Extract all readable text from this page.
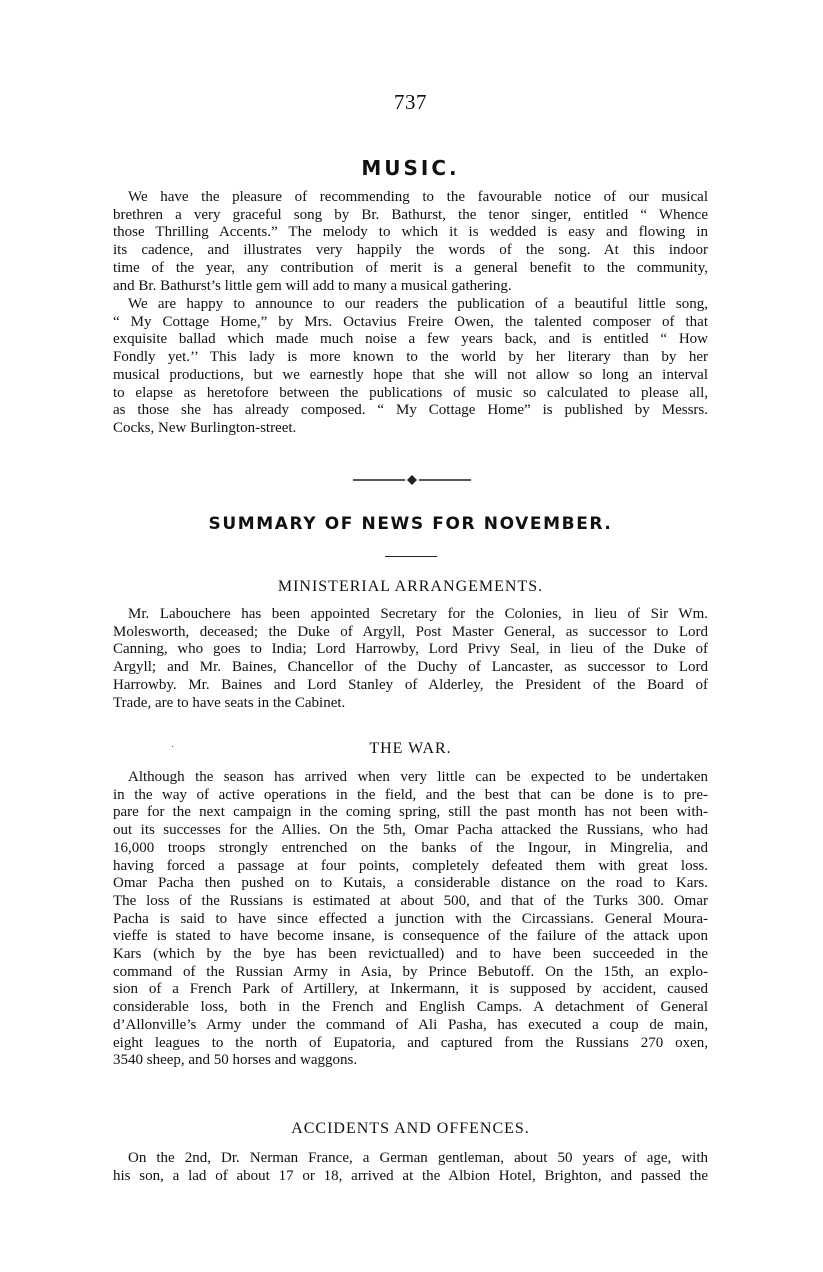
737
MUSIC.

We have the pleasure of recommending to the favourable notice of our musical
brethren a very graceful song by Br. Bathurst, the tenor singer, entitled “ Whence
those Thrilling Accents.” The melody to which it is wedded is easy and flowing in
its cadence, and illustrates very happily the words of the song. At this indoor
time of the year, any contribution of merit is a general benefit to the community,
and Br. Bathurst’s little gem will add to many a musical gathering.

We are happy to announce to our readers the publication of a beautiful little song,
“ My Cottage Home,” by Mrs. Octavius Freire Owen, the talented composer of that
exquisite ballad which made much noise a few years back, and is entitled “ How
Fondly yet.’’ This lady is more known to the world by her literary than by her
musical productions, but we earnestly hope that she will not allow so long an interval
to elapse as heretofore between the publications of music so calculated to please all,
as those she has already composed. “ My Cottage Home” is published by Messrs.
Cocks, New Burlington-street.

SUMMARY OF NEWS FOR NOVEMBER.
MINISTERIAL ARRANGEMENTS.

Mr. Labouchere has been appointed Secretary for the Colonies, in lieu of Sir Wm.
Molesworth, deceased; the Duke of Argyll, Post Master General, as successor to Lord
Canning, who goes to India; Lord Harrowby, Lord Privy Seal, in lieu of the Duke of
Argyll; and Mr. Baines, Chancellor of the Duchy of Lancaster, as successor to Lord
Harrowby. Mr. Baines and Lord Stanley of Alderley, the President of the Board of
Trade, are to have seats in the Cabinet.

·	THE WAR.

Although the season has arrived when very little can be expected to be undertaken
in the way of active operations in the field, and the best that can be done is to pre-
pare for the next campaign in the coming spring, still the past month has not been with-
out its successes for the Allies. On the 5th, Omar Pacha attacked the Russians, who had
16,000 troops strongly entrenched on the banks of the Ingour, in Mingrelia, and
having forced a passage at four points, completely defeated them with great loss.
Omar Pacha then pushed on to Kutais, a considerable distance on the road to Kars.
The loss of the Russians is estimated at about 500, and that of the Turks 300. Omar
Pacha is said to have since effected a junction with the Circassians. General Moura-
vieffe is stated to have become insane, is consequence of the failure of the attack upon
Kars (which by the bye has been revictualled) and to have been succeeded in the
command of the Russian Army in Asia, by Prince Bebutoff. On the 15th, an explo-
sion of a French Park of Artillery, at Inkermann, it is supposed by accident, caused
considerable loss, both in the French and English Camps. A detachment of General
d’Allonville’s Army under the command of Ali Pasha, has executed a coup de main,
eight leagues to the north of Eupatoria, and captured from the Russians 270 oxen,
3540 sheep, and 50 horses and waggons.

ACCIDENTS AND OFFENCES.

On the 2nd, Dr. Nerman France, a German gentleman, about 50 years of age, with
his son, a lad of about 17 or 18, arrived at the Albion Hotel, Brighton, and passed the
